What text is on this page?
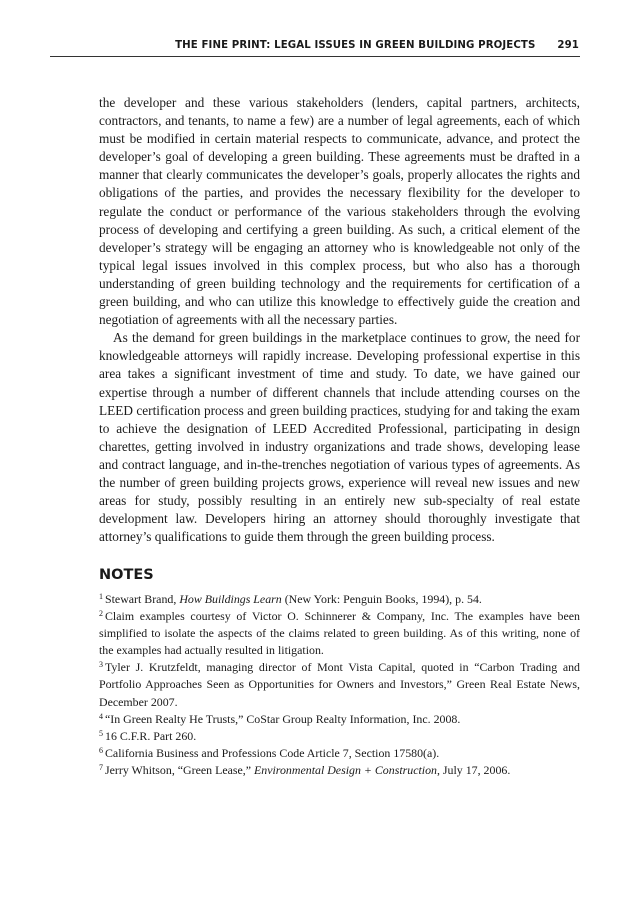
THE FINE PRINT: LEGAL ISSUES IN GREEN BUILDING PROJECTS 291

the developer and these various stakeholders (lenders, capital partners, architects, contractors, and tenants, to name a few) are a number of legal agreements, each of which must be modified in certain material respects to communicate, advance, and protect the developer’s goal of developing a green building. These agreements must be drafted in a manner that clearly communicates the developer’s goals, properly allocates the rights and obligations of the parties, and provides the necessary flexibility for the developer to regulate the conduct or performance of the various stakeholders through the evolving process of developing and certifying a green building. As such, a critical element of the developer’s strategy will be engaging an attorney who is knowledgeable not only of the typical legal issues involved in this complex process, but who also has a thorough understanding of green building technology and the requirements for certification of a green building, and who can utilize this knowledge to effectively guide the creation and negotiation of agreements with all the necessary parties.

As the demand for green buildings in the marketplace continues to grow, the need for knowledgeable attorneys will rapidly increase. Developing professional expertise in this area takes a significant investment of time and study. To date, we have gained our expertise through a number of different channels that include attending courses on the LEED certification process and green building practices, studying for and taking the exam to achieve the designation of LEED Accredited Professional, participating in design charettes, getting involved in industry organizations and trade shows, developing lease and contract language, and in-the-trenches negotiation of various types of agreements. As the number of green building projects grows, experience will reveal new issues and new areas for study, possibly resulting in an entirely new sub-specialty of real estate development law. Developers hiring an attorney should thoroughly investigate that attorney’s qualifications to guide them through the green building process.

NOTES

$^1$ Stewart Brand, How Buildings Learn (New York: Penguin Books, 1994), p. 54.

$^2$ Claim examples courtesy of Victor O. Schinnerer & Company, Inc. The examples have been simplified to isolate the aspects of the claims related to green building. As of this writing, none of the examples had actually resulted in litigation.

$^3$ Tyler J. Krutzfeldt, managing director of Mont Vista Capital, quoted in “Carbon Trading and Portfolio Approaches Seen as Opportunities for Owners and Investors,” Green Real Estate News, December 2007.

$^4$ “In Green Realty He Trusts,” CoStar Group Realty Information, Inc. 2008.

$^5$ 16 C.F.R. Part 260.

$^6$ California Business and Professions Code Article 7, Section 17580(a).

$^7$ Jerry Whitson, “Green Lease,” Environmental Design + Construction, July 17, 2006.
